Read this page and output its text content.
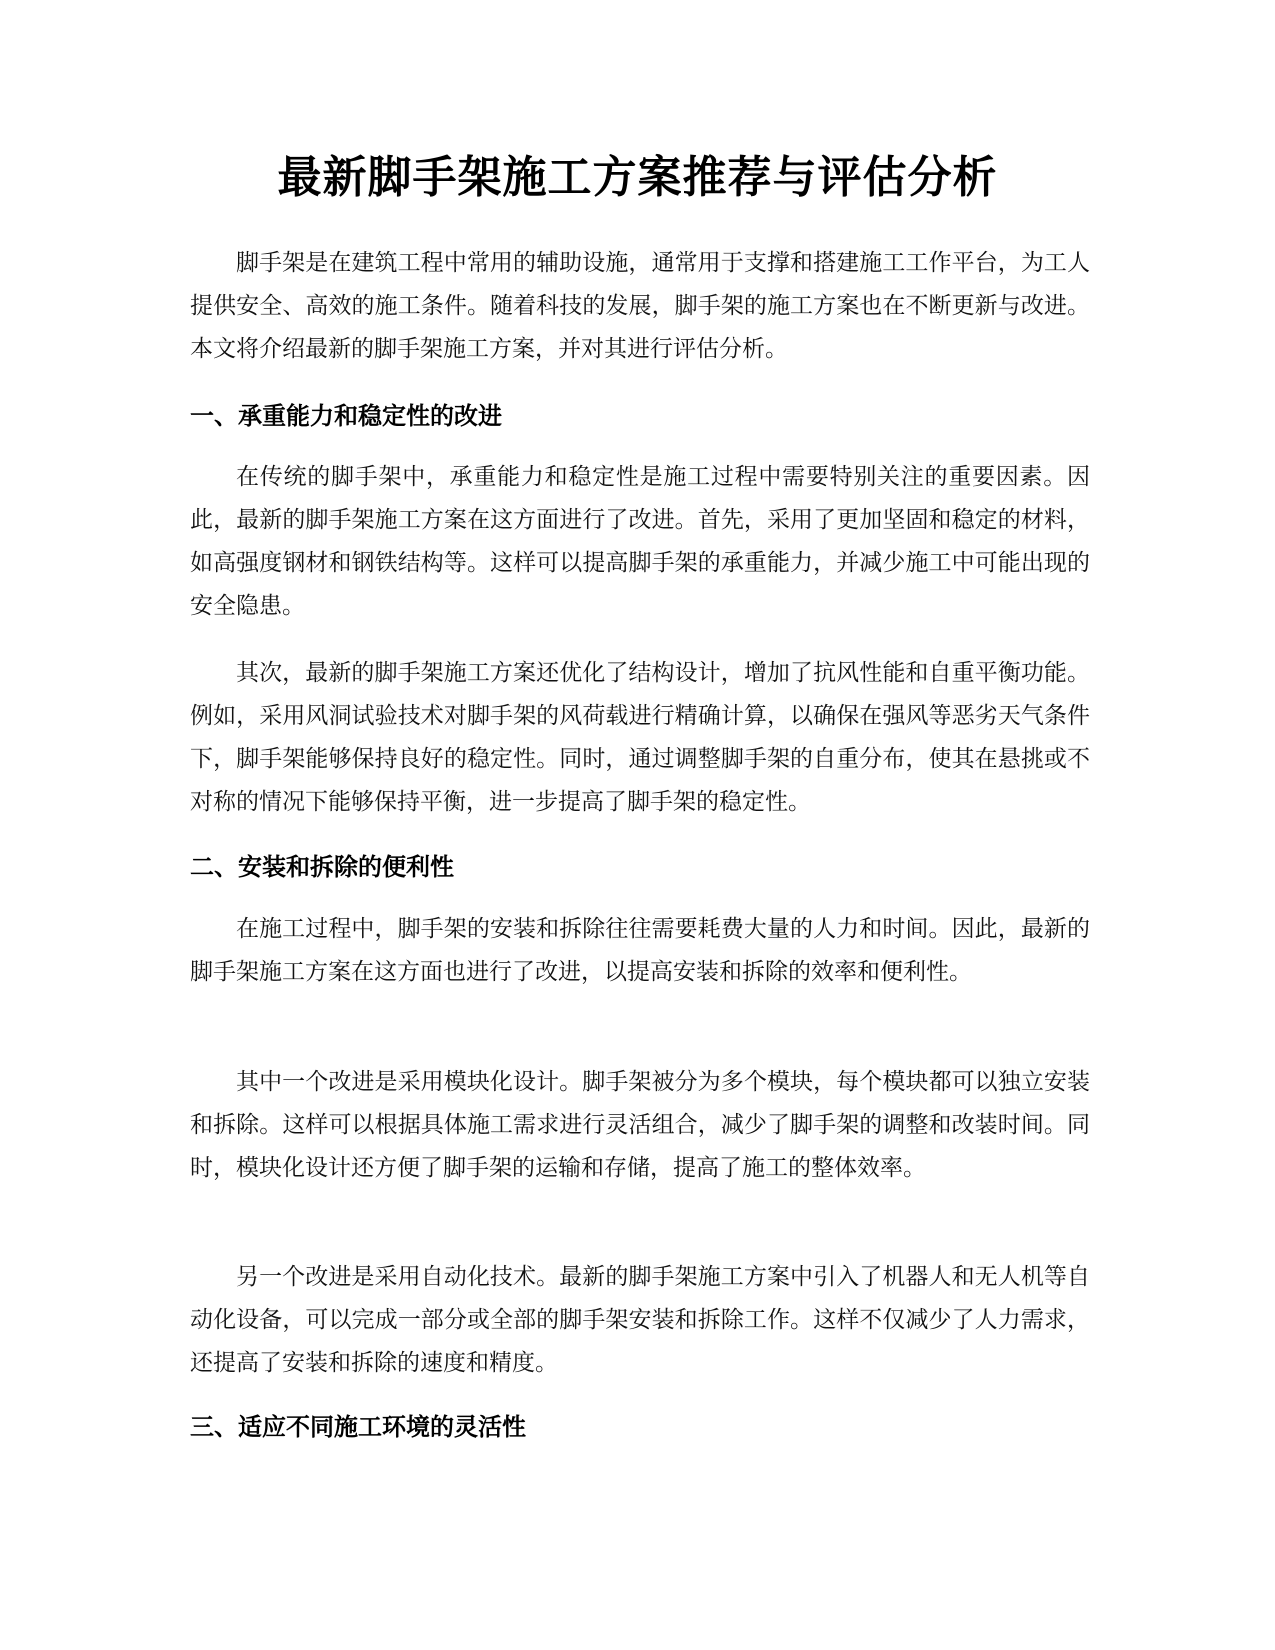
最新脚手架施工方案推荐与评估分析

脚手架是在建筑工程中常用的辅助设施，通常用于支撑和搭建施工工作平台，为工人提供安全、高效的施工条件。随着科技的发展，脚手架的施工方案也在不断更新与改进。本文将介绍最新的脚手架施工方案，并对其进行评估分析。

一、承重能力和稳定性的改进

在传统的脚手架中，承重能力和稳定性是施工过程中需要特别关注的重要因素。因此，最新的脚手架施工方案在这方面进行了改进。首先，采用了更加坚固和稳定的材料，如高强度钢材和钢铁结构等。这样可以提高脚手架的承重能力，并减少施工中可能出现的安全隐患。

其次，最新的脚手架施工方案还优化了结构设计，增加了抗风性能和自重平衡功能。例如，采用风洞试验技术对脚手架的风荷载进行精确计算，以确保在强风等恶劣天气条件下，脚手架能够保持良好的稳定性。同时，通过调整脚手架的自重分布，使其在悬挑或不对称的情况下能够保持平衡，进一步提高了脚手架的稳定性。

二、安装和拆除的便利性

在施工过程中，脚手架的安装和拆除往往需要耗费大量的人力和时间。因此，最新的脚手架施工方案在这方面也进行了改进，以提高安装和拆除的效率和便利性。

其中一个改进是采用模块化设计。脚手架被分为多个模块，每个模块都可以独立安装和拆除。这样可以根据具体施工需求进行灵活组合，减少了脚手架的调整和改装时间。同时，模块化设计还方便了脚手架的运输和存储，提高了施工的整体效率。

另一个改进是采用自动化技术。最新的脚手架施工方案中引入了机器人和无人机等自动化设备，可以完成一部分或全部的脚手架安装和拆除工作。这样不仅减少了人力需求，还提高了安装和拆除的速度和精度。

三、适应不同施工环境的灵活性
